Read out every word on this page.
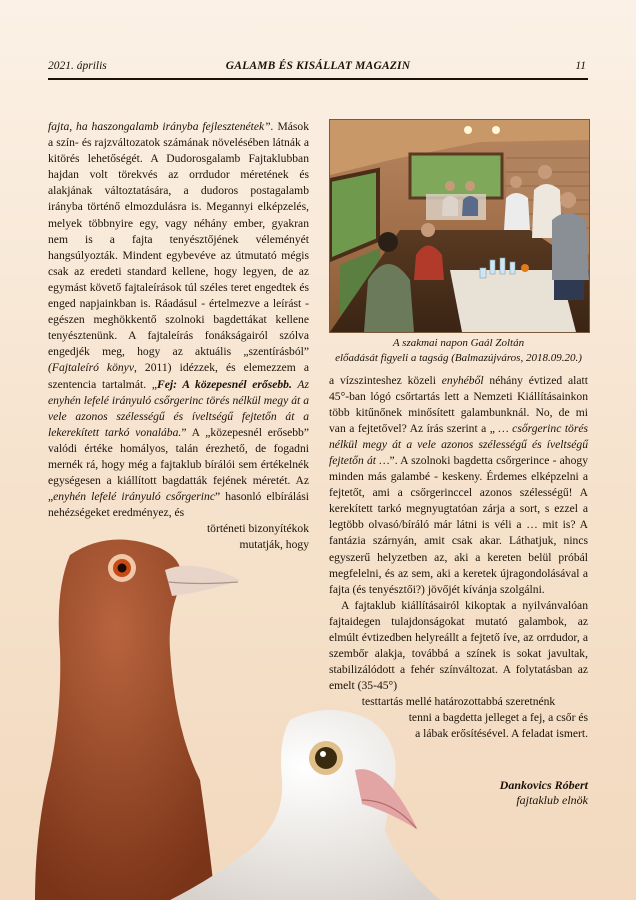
2021. április	GALAMB ÉS KISÁLLAT MAGAZIN	11

fajta, ha haszongalamb irányba fejlesztenétek”. Mások a szín- és rajzváltozatok számának növelésében látnák a kitörés lehetőségét. A Dudorosgalamb Fajtaklubban hajdan volt törekvés az orrdudor méretének és alakjának változtatására, a dudoros postagalamb irányba történő elmozdulásra is. Megannyi elképzelés, melyek többnyire egy, vagy néhány ember, gyakran nem is a fajta tenyésztőjének véleményét hangsúlyozták. Mindent egybevéve az útmutató mégis csak az eredeti standard kellene, hogy legyen, de az egymást követő fajtaleírások túl széles teret engedtek és enged napjainkban is. Ráadásul - értelmezve a leírást - egészen meghökkentő szolnoki bagdettákat kellene tenyésztenünk. A fajtaleírás fonákságairól szólva engedjék meg, hogy az aktuális „szentírásból” (Fajtaleíró könyv, 2011) idézzek, és elemezzem a szentencia tartalmát. „Fej: A közepesnél erősebb. Az enyhén lefelé irányuló csőrgerinc törés nélkül megy át a vele azonos szélességű és íveltségű fejtetőn át a lekerekített tarkó vonalába.” A „közepesnél erősebb” valódi értéke homályos, talán érezhető, de fogadni mernék rá, hogy még a fajtaklub bírálói sem értékelnék egységesen a kiállított bagdatták fejének méretét. Az „enyhén lefelé irányuló csőrgerinc” hasonló elbírálási nehézségeket eredményez, és

történeti bizonyítékok

mutatják, hogy

A szakmai napon Gaál Zoltán
előadását figyeli a tagság (Balmazújváros, 2018.09.20.)

a vízszinteshez közeli enyhéből néhány évtized alatt 45°-ban lógó csőrtartás lett a Nemzeti Kiállításainkon több kitűnőnek minősített galambunknál. No, de mi van a fejtetővel? Az írás szerint a „ … csőrgerinc törés nélkül megy át a vele azonos szélességű és íveltségű fejtetőn át …”. A szolnoki bagdetta csőrgerince - ahogy minden más galambé - keskeny. Érdemes elképzelni a fejtetőt, ami a csőrgerinccel azonos szélességű! A kerekített tarkó megnyugtatóan zárja a sort, s ezzel a legtöbb olvasó/bíráló már látni is véli a … mit is? A fantázia szárnyán, amit csak akar. Láthatjuk, nincs egyszerű helyzetben az, aki a kereten belül próbál megfelelni, és az sem, aki a keretek újragondolásával a fajta (és tenyésztői?) jövőjét kívánja szolgálni.

A fajtaklub kiállításairól kikoptak a nyilvánvalóan fajtaidegen tulajdonságokat mutató galambok, az elmúlt évtizedben helyreállt a fejtető íve, az orrdudor, a szembőr alakja, továbbá a színek is sokat javultak, stabilizálódott a fehér színváltozat. A folytatásban az emelt (35-45°)

testtartás mellé határozottabbá szeretnénk

tenni a bagdetta jelleget a fej, a csőr és

a lábak erősítésével. A feladat ismert.

Dankovics Róbert
fajtaklub elnök
